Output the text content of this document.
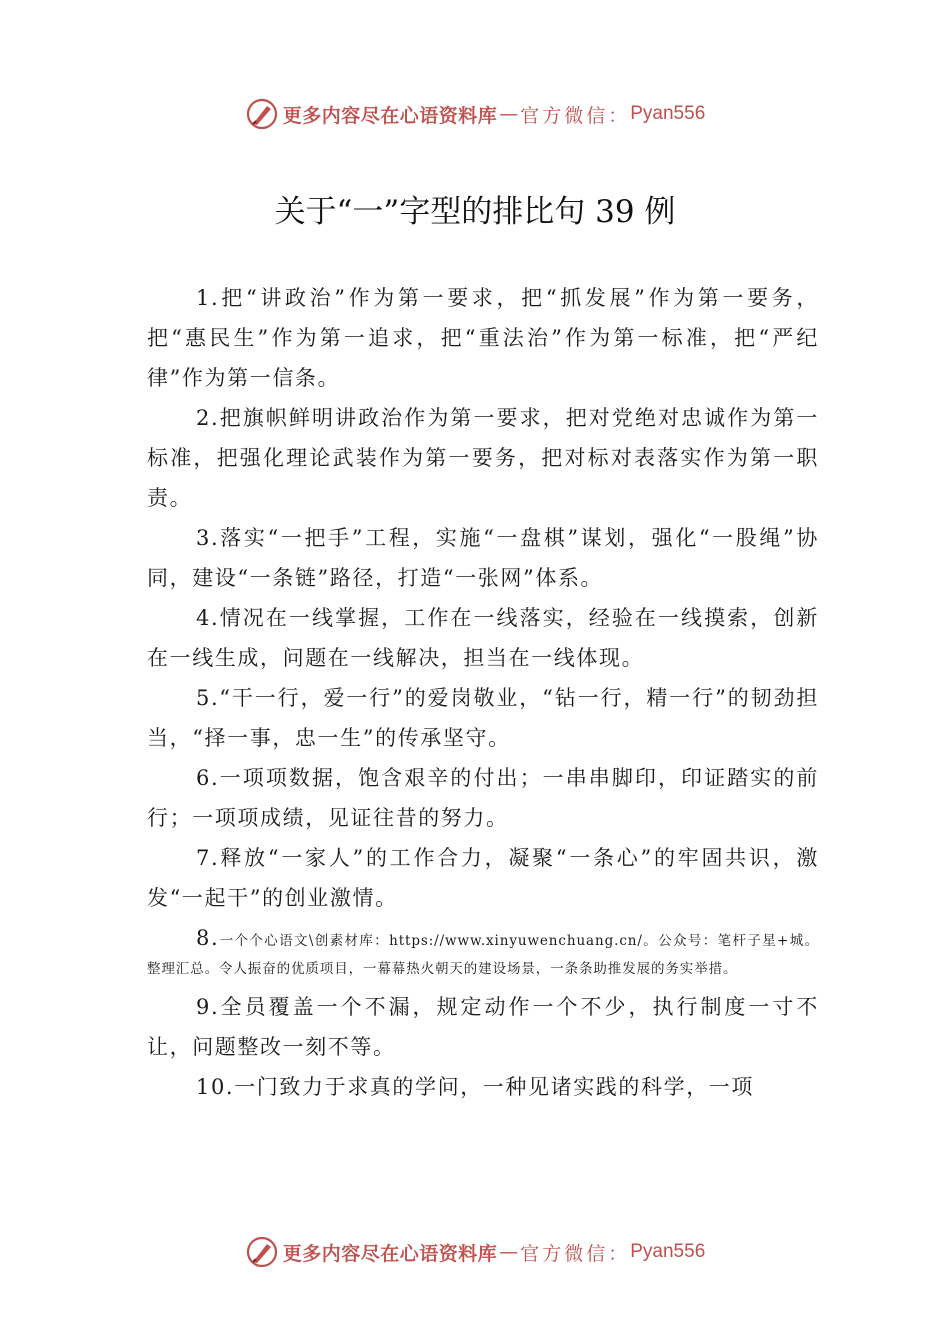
更多内容尽在心语资料库 — 官方微信： Pyan556
关于“一”字型的排比句 39 例

1.把“讲政治”作为第一要求，把“抓发展”作为第一要务，把“惠民生”作为第一追求，把“重法治”作为第一标准，把“严纪律”作为第一信条。

2.把旗帜鲜明讲政治作为第一要求，把对党绝对忠诚作为第一标准，把强化理论武装作为第一要务，把对标对表落实作为第一职责。

3.落实“一把手”工程，实施“一盘棋”谋划，强化“一股绳”协同，建设“一条链”路径，打造“一张网”体系。

4.情况在一线掌握，工作在一线落实，经验在一线摸索，创新在一线生成，问题在一线解决，担当在一线体现。

5.“干一行，爱一行”的爱岗敬业，“钻一行，精一行”的韧劲担当，“择一事，忠一生”的传承坚守。

6.一项项数据，饱含艰辛的付出；一串串脚印，印证踏实的前行；一项项成绩，见证往昔的努力。

7.释放“一家人”的工作合力，凝聚“一条心”的牢固共识，激发“一起干”的创业激情。

8.一个个心语文\创素材库：https://www.xinyuwenchuang.cn/。公众号：笔杆子星+城。整理汇总。令人振奋的优质项目，一幕幕热火朝天的建设场景，一条条助推发展的务实举措。

9.全员覆盖一个不漏，规定动作一个不少，执行制度一寸不让，问题整改一刻不等。

10.一门致力于求真的学问，一种见诸实践的科学，一项

更多内容尽在心语资料库 — 官方微信： Pyan556
